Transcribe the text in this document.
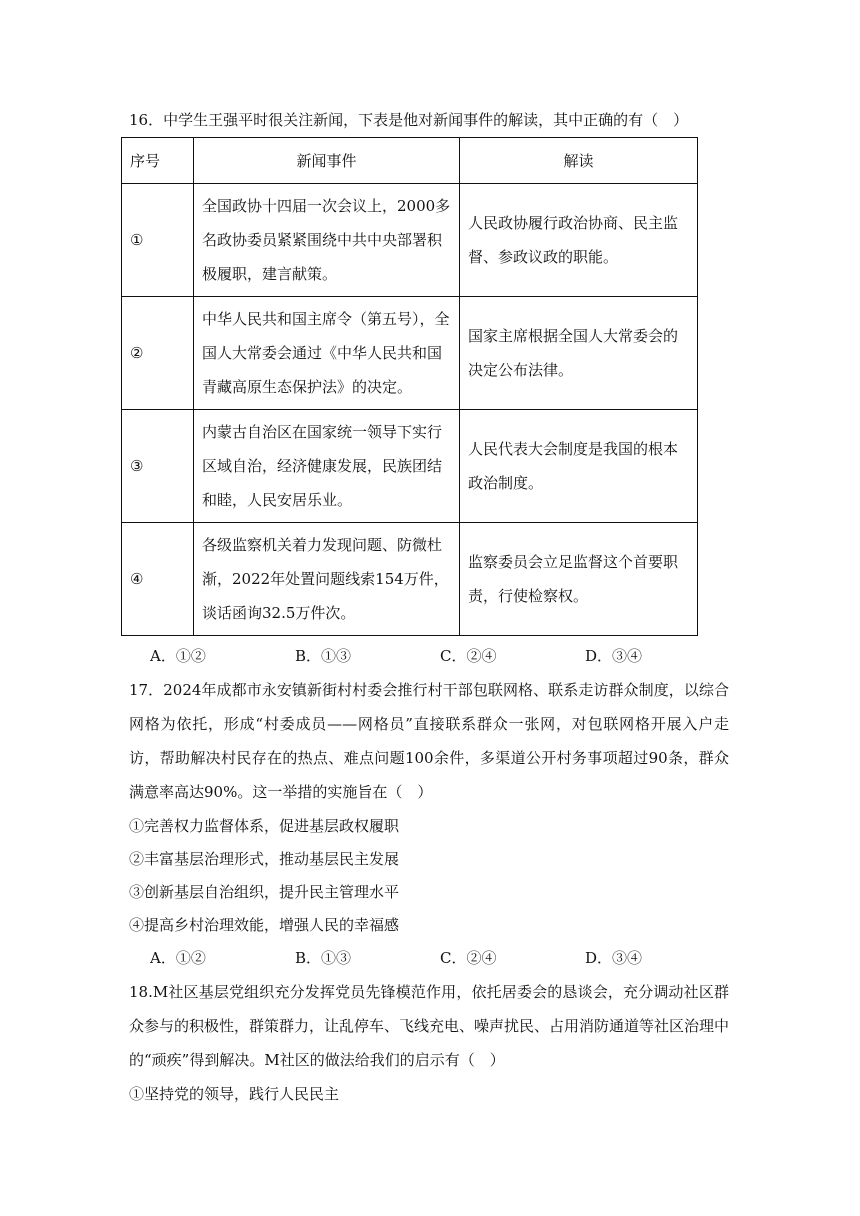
16．中学生王强平时很关注新闻，下表是他对新闻事件的解读，其中正确的有（　）
序号	新闻事件	解读
①	全国政协十四届一次会议上，2000多名政协委员紧紧围绕中共中央部署积极履职，建言献策。	人民政协履行政治协商、民主监督、参政议政的职能。
②	中华人民共和国主席令（第五号），全国人大常委会通过《中华人民共和国青藏高原生态保护法》的决定。	国家主席根据全国人大常委会的决定公布法律。
③	内蒙古自治区在国家统一领导下实行区域自治，经济健康发展，民族团结和睦，人民安居乐业。	人民代表大会制度是我国的根本政治制度。
④	各级监察机关着力发现问题、防微杜渐，2022年处置问题线索154万件，谈话函询32.5万件次。	监察委员会立足监督这个首要职责，行使检察权。
A．①②	B．①③	C．②④	D．③④
17．2024年成都市永安镇新街村村委会推行村干部包联网格、联系走访群众制度，以综合网格为依托，形成“村委成员——网格员”直接联系群众一张网，对包联网格开展入户走访，帮助解决村民存在的热点、难点问题100余件，多渠道公开村务事项超过90条，群众满意率高达90%。这一举措的实施旨在（　）
①完善权力监督体系，促进基层政权履职
②丰富基层治理形式，推动基层民主发展
③创新基层自治组织，提升民主管理水平
④提高乡村治理效能，增强人民的幸福感
A．①②	B．①③	C．②④	D．③④
18.M社区基层党组织充分发挥党员先锋模范作用，依托居委会的恳谈会，充分调动社区群众参与的积极性，群策群力，让乱停车、飞线充电、噪声扰民、占用消防通道等社区治理中的“顽疾”得到解决。M社区的做法给我们的启示有（　）
①坚持党的领导，践行人民民主
